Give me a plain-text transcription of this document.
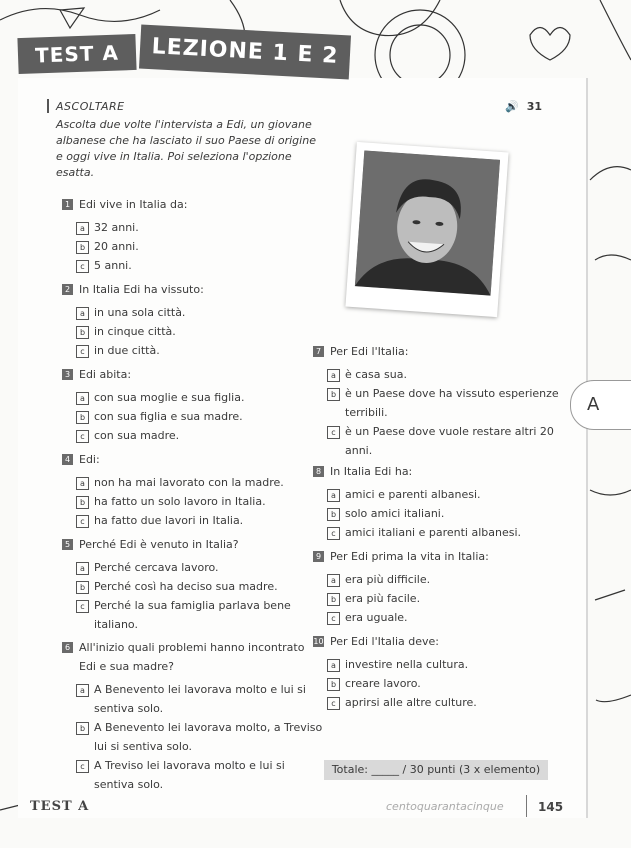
TEST A	LEZIONE 1 E 2
ASCOLTARE
Ascolta due volte l'intervista a Edi, un giovane albanese che ha lasciato il suo Paese di origine e oggi vive in Italia. Poi seleziona l'opzione esatta.
🔊 31
A
1 Edi vive in Italia da:
a 32 anni.
b 20 anni.
c 5 anni.
2 In Italia Edi ha vissuto:
a in una sola città.
b in cinque città.
c in due città.
3 Edi abita:
a con sua moglie e sua figlia.
b con sua figlia e sua madre.
c con sua madre.
4 Edi:
a non ha mai lavorato con la madre.
b ha fatto un solo lavoro in Italia.
c ha fatto due lavori in Italia.
5 Perché Edi è venuto in Italia?
a Perché cercava lavoro.
b Perché così ha deciso sua madre.
c Perché la sua famiglia parlava bene
italiano.
6 All'inizio quali problemi hanno incontrato
Edi e sua madre?
a A Benevento lei lavorava molto e lui si
sentiva solo.
b A Benevento lei lavorava molto, a Treviso
lui si sentiva solo.
c A Treviso lei lavorava molto e lui si
sentiva solo.
7 Per Edi l'Italia:
a è casa sua.
b è un Paese dove ha vissuto esperienze
terribili.
c è un Paese dove vuole restare altri 20
anni.
8 In Italia Edi ha:
a amici e parenti albanesi.
b solo amici italiani.
c amici italiani e parenti albanesi.
9 Per Edi prima la vita in Italia:
a era più difficile.
b era più facile.
c era uguale.
10 Per Edi l'Italia deve:
a investire nella cultura.
b creare lavoro.
c aprirsi alle altre culture.
Totale: _____ / 30 punti (3 x elemento)
TEST A	centoquarantacinque	145
